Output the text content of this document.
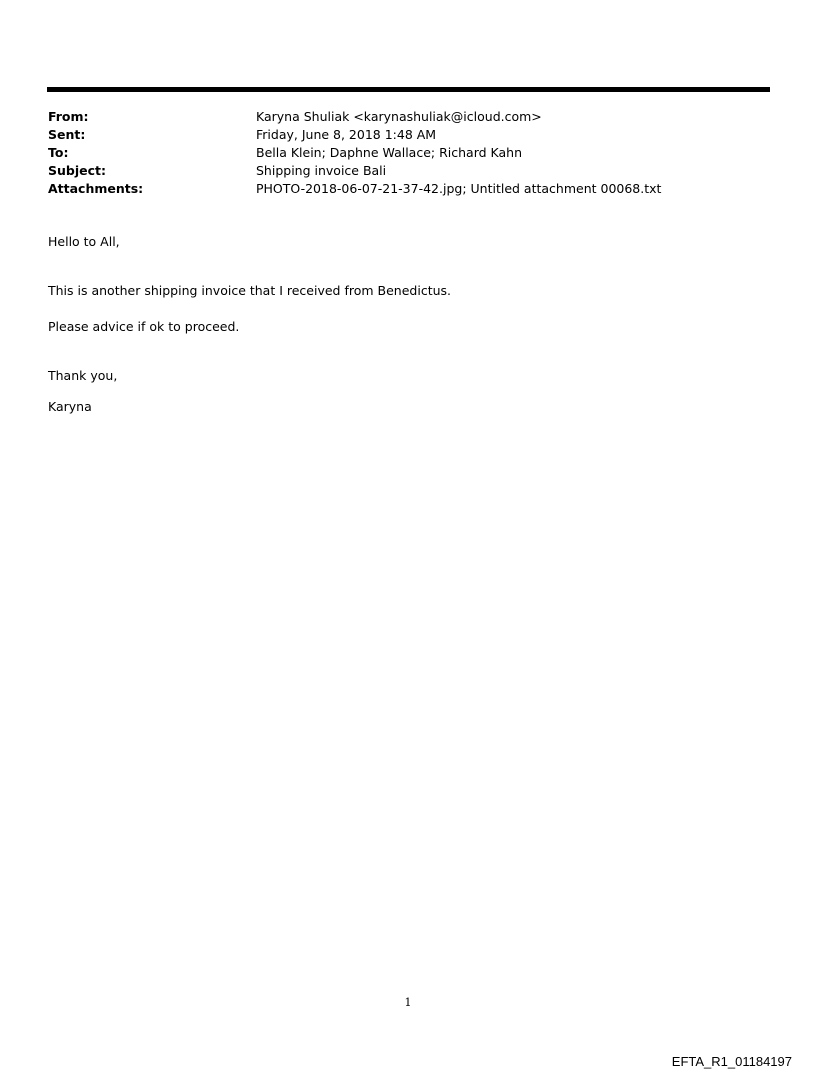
From:	Karyna Shuliak <karynashuliak@icloud.com>
Sent:	Friday, June 8, 2018 1:48 AM
To:	Bella Klein; Daphne Wallace; Richard Kahn
Subject:	Shipping invoice Bali
Attachments:	PHOTO-2018-06-07-21-37-42.jpg; Untitled attachment 00068.txt

Hello to All,

This is another shipping invoice that I received from Benedictus.

Please advice if ok to proceed.

Thank you,

Karyna

1
EFTA_R1_01184197
